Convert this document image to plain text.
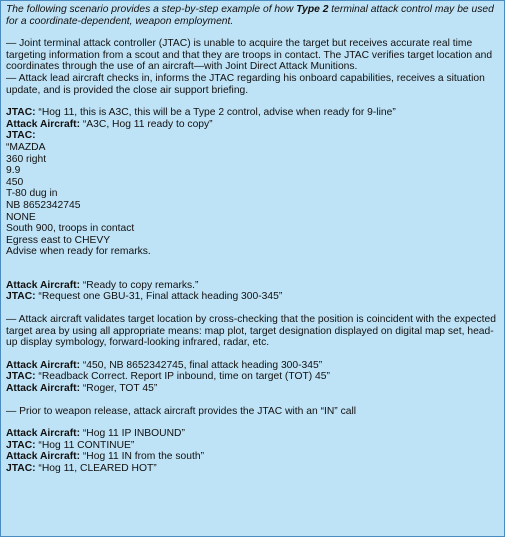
The following scenario provides a step-by-step example of how Type 2 terminal attack control may be used for a coordinate-dependent, weapon employment.

— Joint terminal attack controller (JTAC) is unable to acquire the target but receives accurate real time targeting information from a scout and that they are troops in contact. The JTAC verifies target location and coordinates through the use of an aircraft—with Joint Direct Attack Munitions.
— Attack lead aircraft checks in, informs the JTAC regarding his onboard capabilities, receives a situation update, and is provided the close air support briefing.

JTAC: “Hog 11, this is A3C, this will be a Type 2 control, advise when ready for 9-line”
Attack Aircraft: “A3C, Hog 11 ready to copy”
JTAC:
“MAZDA
360 right
9.9
450
T-80 dug in
NB 8652342745
NONE
South 900, troops in contact
Egress east to CHEVY
Advise when ready for remarks.
Attack Aircraft: “Ready to copy remarks.”
JTAC: “Request one GBU-31, Final attack heading 300-345”

— Attack aircraft validates target location by cross-checking that the position is coincident with the expected target area by using all appropriate means: map plot, target designation displayed on digital map set, head-up display symbology, forward-looking infrared, radar, etc.

Attack Aircraft: “450, NB 8652342745, final attack heading 300-345”
JTAC: “Readback Correct. Report IP inbound, time on target (TOT) 45”
Attack Aircraft: “Roger, TOT 45”

— Prior to weapon release, attack aircraft provides the JTAC with an “IN” call

Attack Aircraft: “Hog 11 IP INBOUND”
JTAC: “Hog 11 CONTINUE”
Attack Aircraft: “Hog 11 IN from the south”
JTAC: “Hog 11, CLEARED HOT”
